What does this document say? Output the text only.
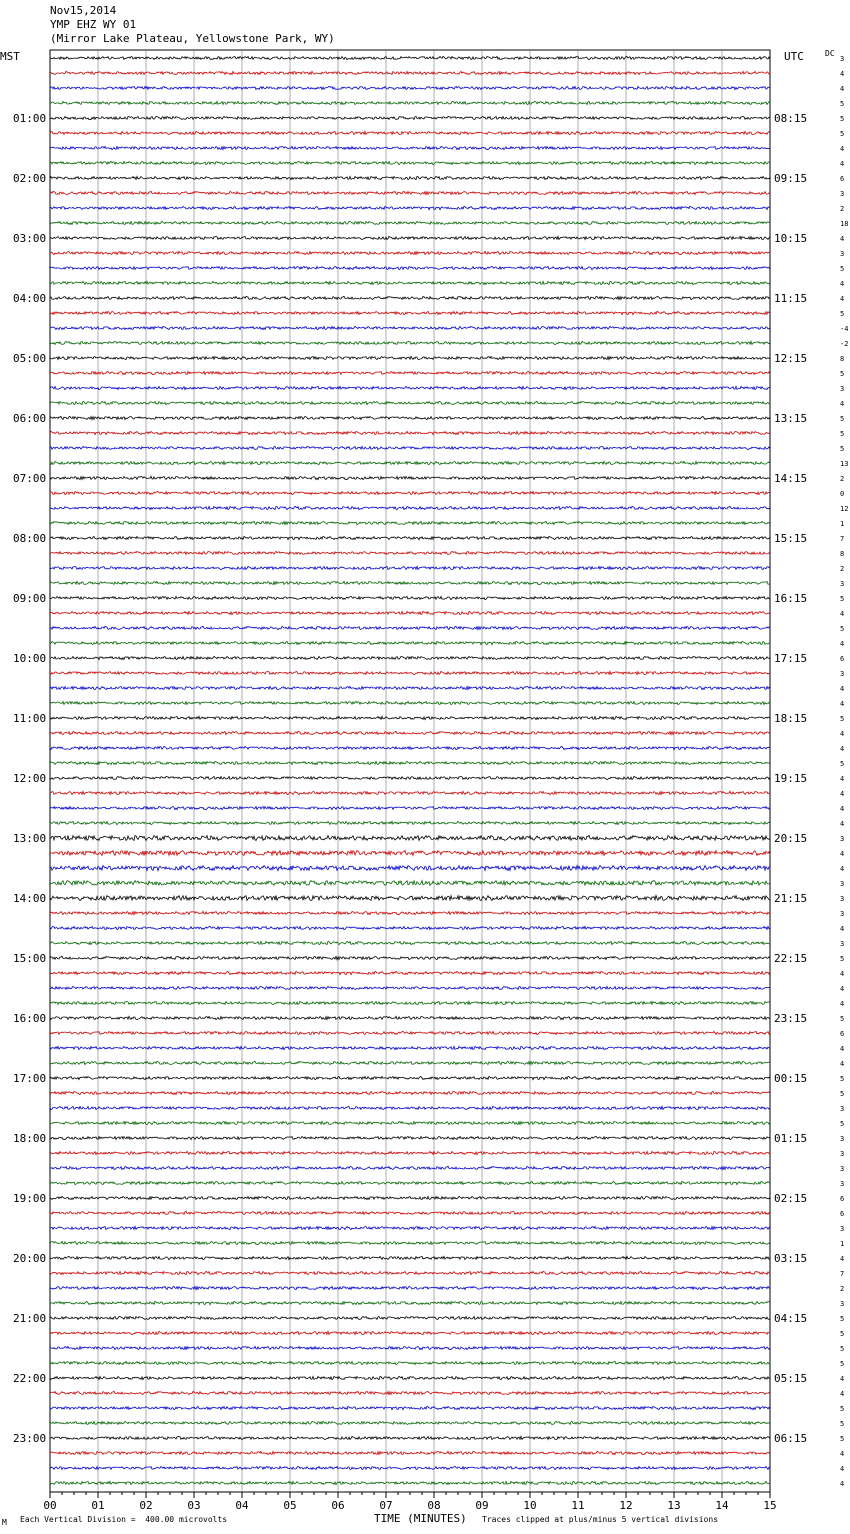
Nov15,2014
YMP EHZ WY 01
(Mirror Lake Plateau, Yellowstone Park, WY)
MST	UTC	DC
00	01	02	03	04	05	06	07	08	09	10	11	12	13	14	15
3
4
4
5
5
5
4
4
6
3
2
18
4
3
5
4
4
5
-4
-2
8
5
3
4
5
5
5
13
2
0
12
1
7
8
2
3
5
4
5
4
6
3
4
4
5
4
4
5
4
4
4
4
3
4
4
3
3
3
4
3
5
4
4
4
5
6
4
4
5
5
3
5
3
3
3
3
6
6
3
1
4
7
2
3
5
5
5
5
4
4
5
5
5
4
4
4
01:00
02:00
03:00
04:00
05:00
06:00
07:00
08:00
09:00
10:00
11:00
12:00
13:00
14:00
15:00
16:00
17:00
18:00
19:00
20:00
21:00
22:00
23:00
08:15
09:15
10:15
11:15
12:15
13:15
14:15
15:15
16:15
17:15
18:15
19:15
20:15
21:15
22:15
23:15
00:15
01:15
02:15
03:15
04:15
05:15
06:15
M Each Vertical Division =  400.00 microvolts	TIME (MINUTES) Traces clipped at plus/minus 5 vertical divisions
